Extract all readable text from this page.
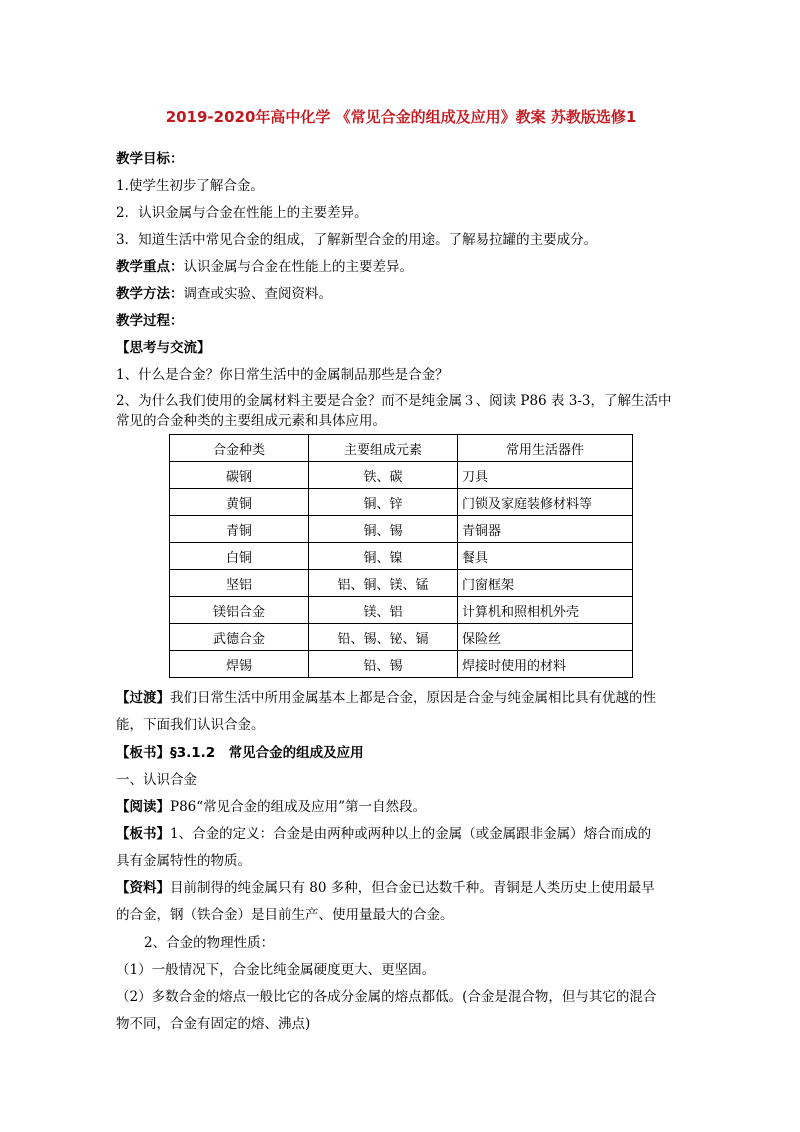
2019-2020年高中化学 《常见合金的组成及应用》教案 苏教版选修1
教学目标：
1.使学生初步了解合金。
2．认识金属与合金在性能上的主要差异。
3．知道生活中常见合金的组成，了解新型合金的用途。了解易拉罐的主要成分。
教学重点：认识金属与合金在性能上的主要差异。
教学方法：调查或实验、查阅资料。
教学过程：
【思考与交流】
1、什么是合金？你日常生活中的金属制品那些是合金？
2、为什么我们使用的金属材料主要是合金？而不是纯金属３、阅读 P86 表 3-3，了解生活中
常见的合金种类的主要组成元素和具体应用。
合金种类	主要组成元素	常用生活器件
碳钢	铁、碳	刀具
黄铜	铜、锌	门锁及家庭装修材料等
青铜	铜、锡	青铜器
白铜	铜、镍	餐具
坚铝	铝、铜、镁、锰	门窗框架
镁铝合金	镁、铝	计算机和照相机外壳
武德合金	铅、锡、铋、镉	保险丝
焊锡	铅、锡	焊接时使用的材料
【过渡】我们日常生活中所用金属基本上都是合金，原因是合金与纯金属相比具有优越的性
能，下面我们认识合金。
【板书】§3.1.2　常见合金的组成及应用
一、认识合金
【阅读】P86“常见合金的组成及应用”第一自然段。
【板书】1、合金的定义：合金是由两种或两种以上的金属（或金属跟非金属）熔合而成的
具有金属特性的物质。
【资料】目前制得的纯金属只有 80 多种，但合金已达数千种。青铜是人类历史上使用最早
的合金，钢（铁合金）是目前生产、使用量最大的合金。
2、合金的物理性质：
（1）一般情况下，合金比纯金属硬度更大、更坚固。
（2）多数合金的熔点一般比它的各成分金属的熔点都低。(合金是混合物，但与其它的混合
物不同，合金有固定的熔、沸点)
